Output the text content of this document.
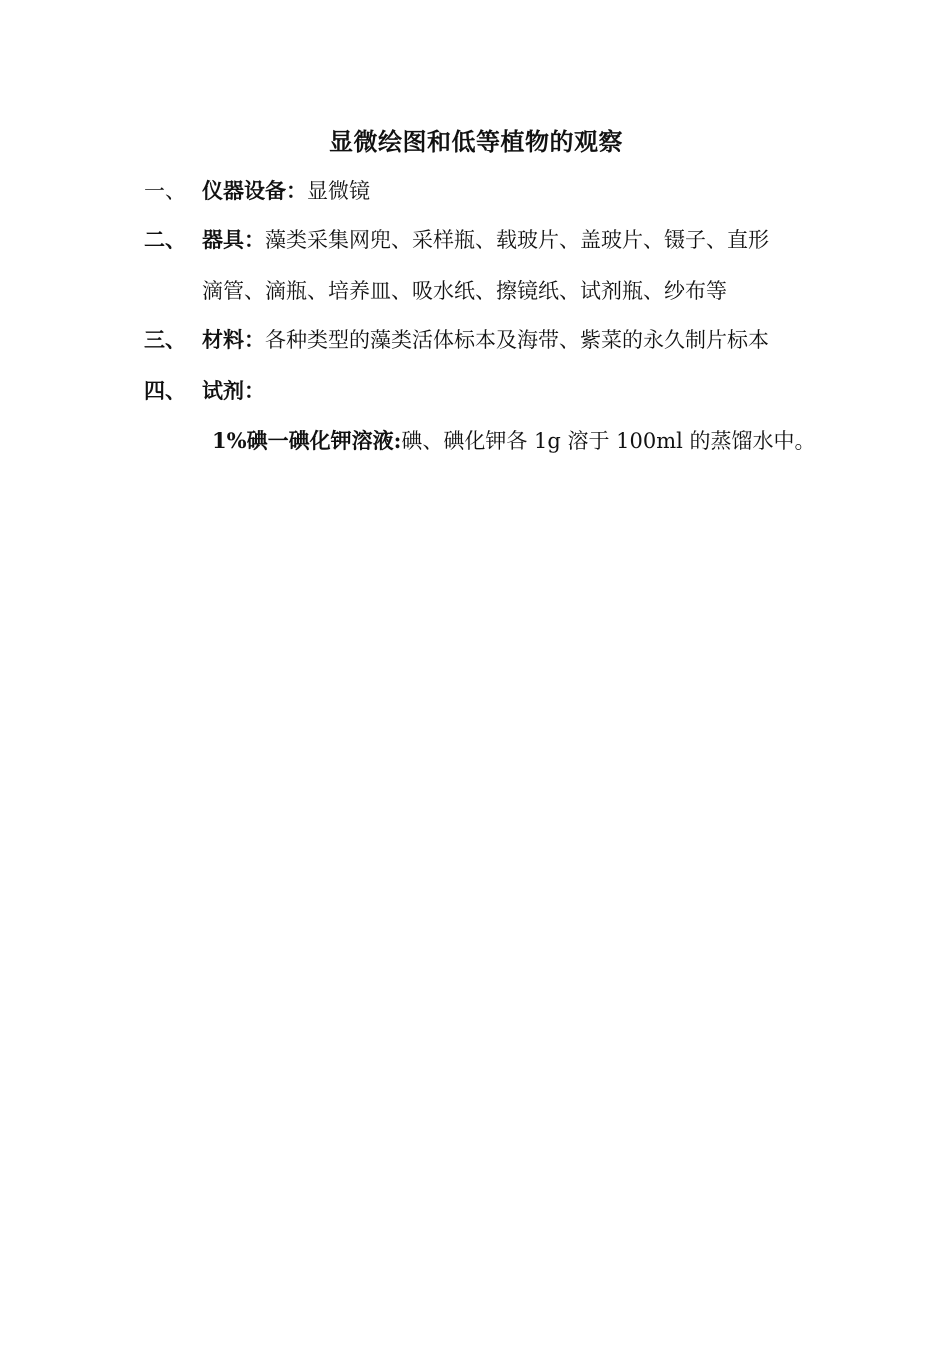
显微绘图和低等植物的观察
一、 仪器设备：显微镜
二、 器具：藻类采集网兜、采样瓶、载玻片、盖玻片、镊子、直形
滴管、滴瓶、培养皿、吸水纸、擦镜纸、试剂瓶、纱布等
三、 材料：各种类型的藻类活体标本及海带、紫菜的永久制片标本
四、 试剂：
1%碘一碘化钾溶液:碘、碘化钾各 1g 溶于 100ml 的蒸馏水中。
